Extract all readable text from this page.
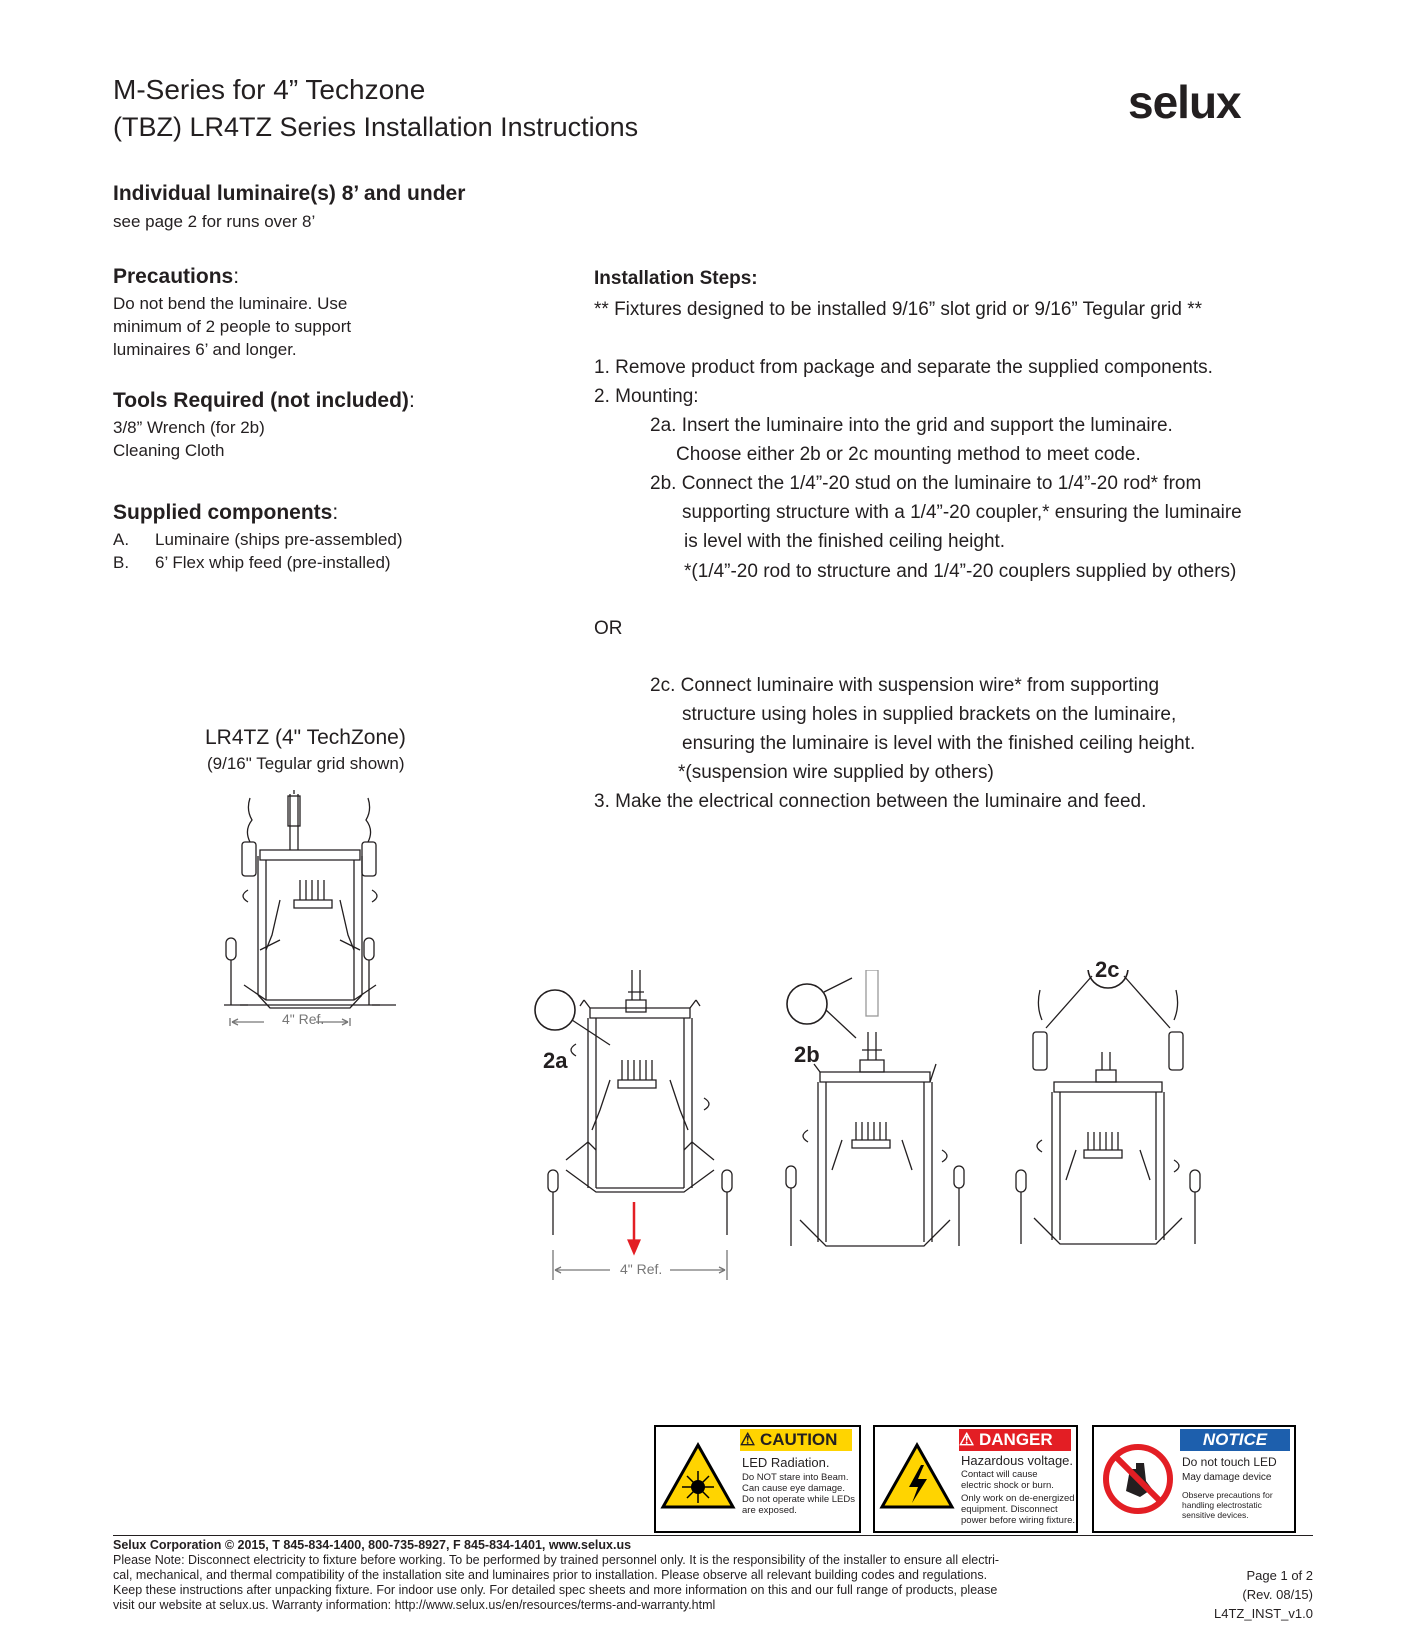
M-Series for 4” Techzone
(TBZ) LR4TZ Series Installation Instructions	selux
Individual luminaire(s) 8’ and under
see page 2 for runs over 8’
Precautions:
Do not bend the luminaire. Use
minimum of 2 people to support
luminaires 6’ and longer.
Tools Required (not included):
3/8” Wrench (for 2b)
Cleaning Cloth
Supplied components:
A. Luminaire (ships pre-assembled)
B. 6’ Flex whip feed (pre-installed)
Installation Steps:
** Fixtures designed to be installed 9/16” slot grid or 9/16” Tegular grid **
1. Remove product from package and separate the supplied components.
2. Mounting:
2a. Insert the luminaire into the grid and support the luminaire.
Choose either 2b or 2c mounting method to meet code.
2b. Connect the 1/4”-20 stud on the luminaire to 1/4”-20 rod* from
supporting structure with a 1/4”-20 coupler,* ensuring the luminaire
is level with the finished ceiling height.
*(1/4”-20 rod to structure and 1/4”-20 couplers supplied by others)
OR
2c. Connect luminaire with suspension wire* from supporting
structure using holes in supplied brackets on the luminaire,
ensuring the luminaire is level with the finished ceiling height.
*(suspension wire supplied by others)
3. Make the electrical connection between the luminaire and feed.
LR4TZ (4" TechZone)
(9/16" Tegular grid shown)
4" Ref.
2a	2b
2c
4" Ref.
⚠ CAUTION
LED Radiation.
Do NOT stare into Beam.
Can cause eye damage.
Do not operate while LEDs
are exposed.
⚠ DANGER
Hazardous voltage.
Contact will cause
electric shock or burn.
Only work on de-energized
equipment. Disconnect
power before wiring fixture.
NOTICE
Do not touch LED
May damage device
Observe precautions for
handling electrostatic
sensitive devices.
Selux Corporation © 2015, T 845-834-1400, 800-735-8927, F 845-834-1401, www.selux.us
Please Note: Disconnect electricity to fixture before working. To be performed by trained personnel only. It is the responsibility of the installer to ensure all electri-
cal, mechanical, and thermal compatibility of the installation site and luminaires prior to installation. Please observe all relevant building codes and regulations.
Keep these instructions after unpacking fixture. For indoor use only. For detailed spec sheets and more information on this and our full range of products, please
visit our website at selux.us. Warranty information: http://www.selux.us/en/resources/terms-and-warranty.html
Page 1 of 2
(Rev. 08/15)
L4TZ_INST_v1.0
